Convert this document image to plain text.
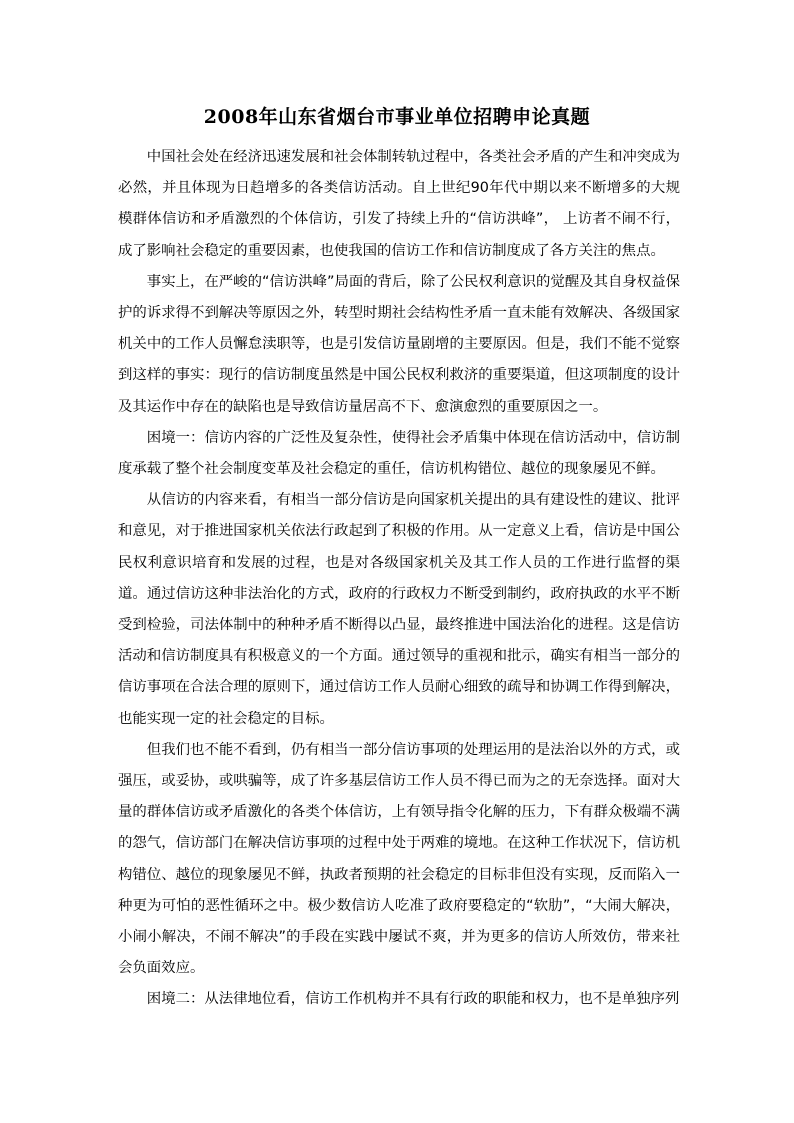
2008年山东省烟台市事业单位招聘申论真题

中国社会处在经济迅速发展和社会体制转轨过程中，各类社会矛盾的产生和冲突成为必然，并且体现为日趋增多的各类信访活动。自上世纪90年代中期以来不断增多的大规模群体信访和矛盾激烈的个体信访，引发了持续上升的“信访洪峰”， 上访者不闹不行，成了影响社会稳定的重要因素，也使我国的信访工作和信访制度成了各方关注的焦点。

事实上，在严峻的“信访洪峰”局面的背后，除了公民权利意识的觉醒及其自身权益保护的诉求得不到解决等原因之外，转型时期社会结构性矛盾一直未能有效解决、各级国家机关中的工作人员懈怠渎职等，也是引发信访量剧增的主要原因。但是，我们不能不觉察到这样的事实：现行的信访制度虽然是中国公民权利救济的重要渠道，但这项制度的设计及其运作中存在的缺陷也是导致信访量居高不下、愈演愈烈的重要原因之一。

困境一：信访内容的广泛性及复杂性，使得社会矛盾集中体现在信访活动中，信访制度承载了整个社会制度变革及社会稳定的重任，信访机构错位、越位的现象屡见不鲜。

从信访的内容来看，有相当一部分信访是向国家机关提出的具有建设性的建议、批评和意见，对于推进国家机关依法行政起到了积极的作用。从一定意义上看，信访是中国公民权利意识培育和发展的过程，也是对各级国家机关及其工作人员的工作进行监督的渠道。通过信访这种非法治化的方式，政府的行政权力不断受到制约，政府执政的水平不断受到检验，司法体制中的种种矛盾不断得以凸显，最终推进中国法治化的进程。这是信访活动和信访制度具有积极意义的一个方面。通过领导的重视和批示，确实有相当一部分的信访事项在合法合理的原则下，通过信访工作人员耐心细致的疏导和协调工作得到解决，也能实现一定的社会稳定的目标。

但我们也不能不看到，仍有相当一部分信访事项的处理运用的是法治以外的方式，或强压，或妥协，或哄骗等，成了许多基层信访工作人员不得已而为之的无奈选择。面对大量的群体信访或矛盾激化的各类个体信访，上有领导指令化解的压力，下有群众极端不满的怨气，信访部门在解决信访事项的过程中处于两难的境地。在这种工作状况下，信访机构错位、越位的现象屡见不鲜，执政者预期的社会稳定的目标非但没有实现，反而陷入一种更为可怕的恶性循环之中。极少数信访人吃准了政府要稳定的“软肋”，“大闹大解决，小闹小解决，不闹不解决”的手段在实践中屡试不爽，并为更多的信访人所效仿，带来社会负面效应。

困境二：从法律地位看，信访工作机构并不具有行政的职能和权力，也不是单独序列
